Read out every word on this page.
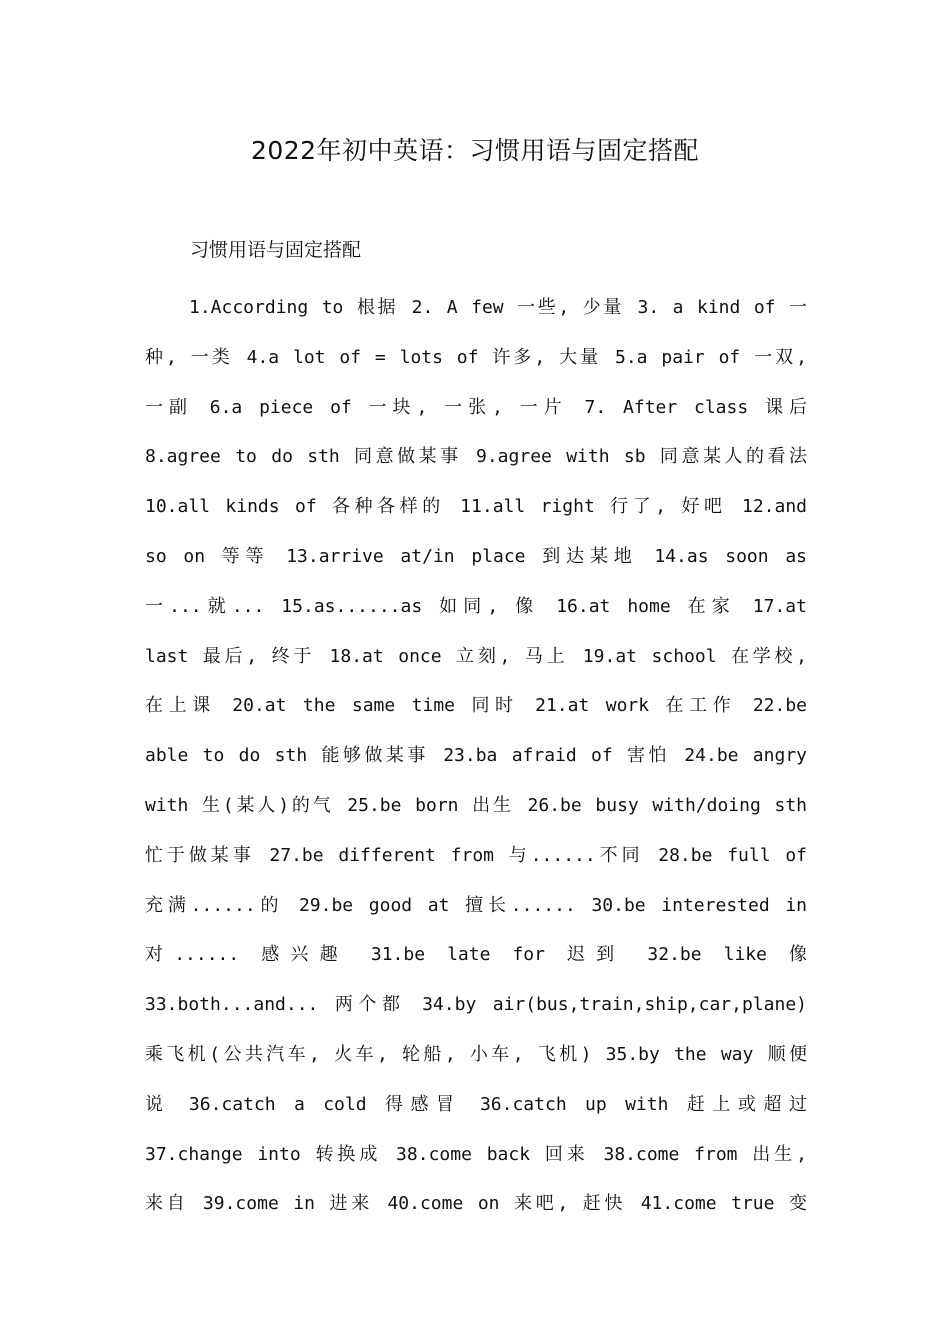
2022年初中英语：习惯用语与固定搭配
习惯用语与固定搭配
1.According to 根据 2. A few 一些, 少量 3. a kind of 一
种, 一类 4.a lot of = lots of 许多, 大量 5.a pair of 一双,
一副 6.a piece of 一块, 一张, 一片 7. After class 课后
8.agree to do sth 同意做某事 9.agree with sb 同意某人的看法
10.all kinds of 各种各样的 11.all right 行了, 好吧 12.and
so on 等等 13.arrive at/in place 到达某地 14.as soon as
一...就... 15.as......as 如同, 像 16.at home 在家 17.at
last 最后, 终于 18.at once 立刻, 马上 19.at school 在学校,
在上课 20.at the same time 同时 21.at work 在工作 22.be
able to do sth 能够做某事 23.ba afraid of 害怕 24.be angry
with 生(某人)的气 25.be born 出生 26.be busy with/doing sth
忙于做某事 27.be different from 与......不同 28.be full of
充满......的 29.be good at 擅长...... 30.be interested in
对...... 感兴趣 31.be late for 迟到 32.be like 像
33.both...and... 两个都 34.by air(bus,train,ship,car,plane)
乘飞机(公共汽车, 火车, 轮船, 小车, 飞机) 35.by the way 顺便
说 36.catch a cold 得感冒 36.catch up with 赶上或超过
37.change into 转换成 38.come back 回来 38.come from 出生,
来自 39.come in 进来 40.come on 来吧, 赶快 41.come true 变
